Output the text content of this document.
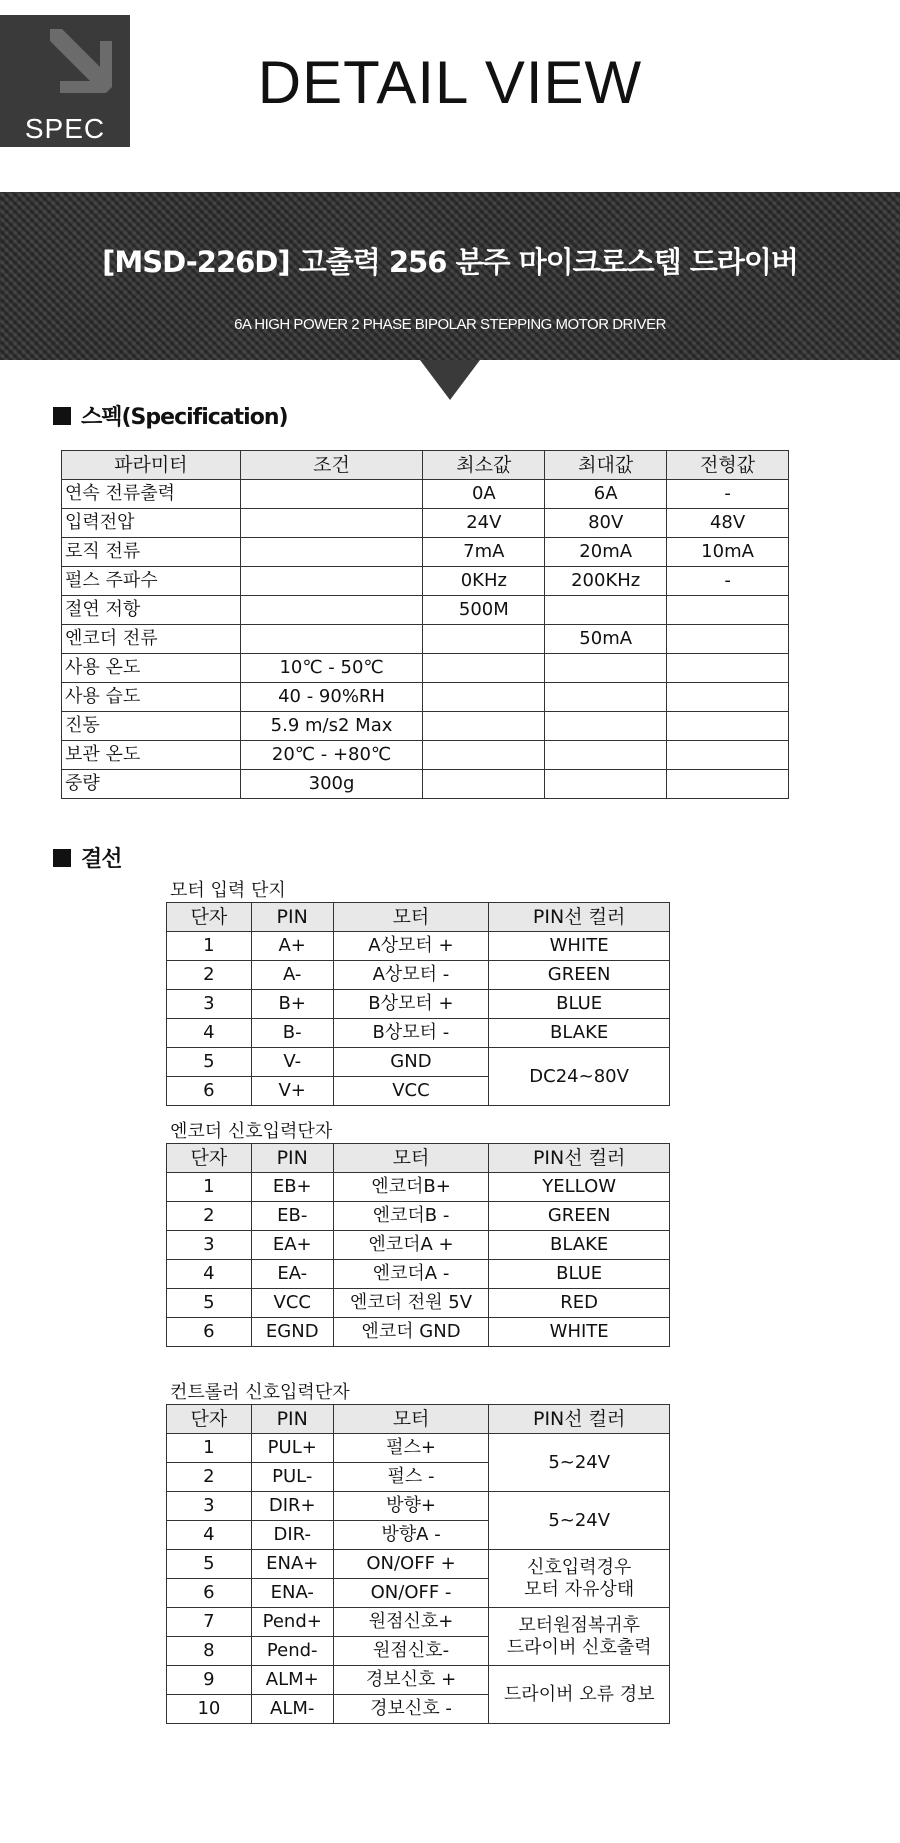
SPEC
DETAIL VIEW
[MSD-226D] 고출력 256 분주 마이크로스텝 드라이버
6A HIGH POWER 2 PHASE BIPOLAR STEPPING MOTOR DRIVER
스펙(Specification)
파라미터	조건	최소값	최대값	전형값
연속 전류출력		0A	6A	-
입력전압		24V	80V	48V
로직 전류		7mA	20mA	10mA
펄스 주파수		0KHz	200KHz	-
절연 저항		500M		
엔코더 전류			50mA	
사용 온도	10℃ - 50℃			
사용 습도	40 - 90%RH			
진동	5.9 m/s2 Max			
보관 온도	20℃ - +80℃			
중량	300g			
결선
모터 입력 단지
단자	PIN	모터	PIN선 컬러
1	A+	A상모터 +	WHITE
2	A-	A상모터 -	GREEN
3	B+	B상모터 +	BLUE
4	B-	B상모터 -	BLAKE
5	V-	GND	DC24~80V
6	V+	VCC	
엔코더 신호입력단자
단자	PIN	모터	PIN선 컬러
1	EB+	엔코더B+	YELLOW
2	EB-	엔코더B -	GREEN
3	EA+	엔코더A +	BLAKE
4	EA-	엔코더A -	BLUE
5	VCC	엔코더 전원 5V	RED
6	EGND	엔코더 GND	WHITE
컨트롤러 신호입력단자
단자	PIN	모터	PIN선 컬러
1	PUL+	펄스+	5~24V

2	PUL-	펄스 -	
3	DIR+	방향+	5~24V

4	DIR-	방향A -	
5	ENA+	ON/OFF +	신호입력경우
모터 자유상태

6	ENA-	ON/OFF -	
7	Pend+	원점신호+	모터원점복귀후
드라이버 신호출력

8	Pend-	원점신호-	
9	ALM+	경보신호 +	드라이버 오류 경보

10	ALM-	경보신호 -	
